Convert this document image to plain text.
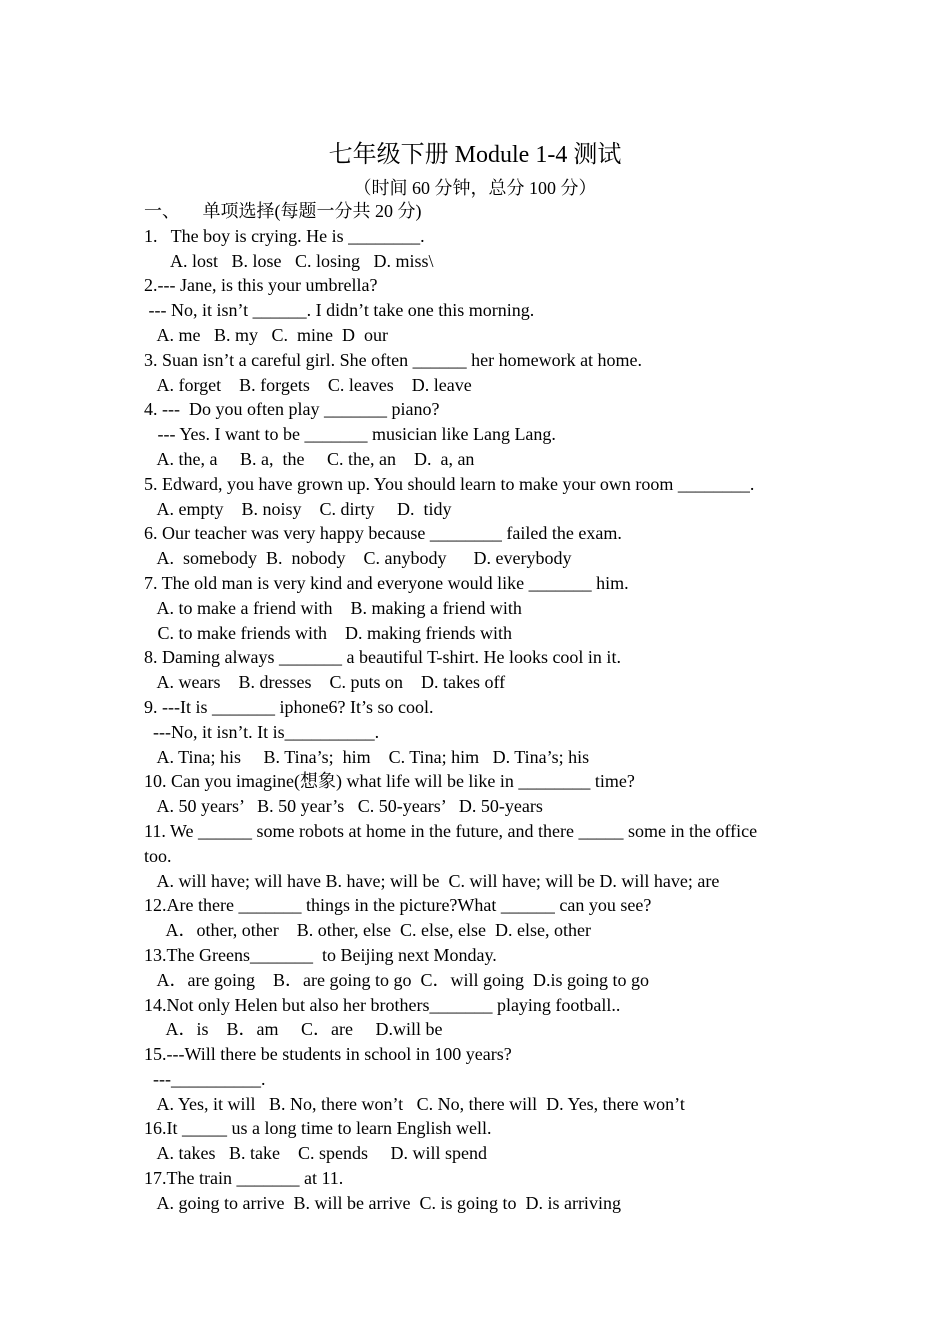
七年级下册 Module 1-4 测试
（时间 60 分钟，总分 100 分）
一、     单项选择(每题一分共 20 分)
1.   The boy is crying. He is ________.
A. lost   B. lose   C. losing   D. miss\
2.--- Jane, is this your umbrella?
--- No, it isn’t ______. I didn’t take one this morning.
A. me   B. my   C.  mine  D  our
3. Suan isn’t a careful girl. She often ______ her homework at home.
A. forget    B. forgets    C. leaves    D. leave
4. ---  Do you often play _______ piano?
--- Yes. I want to be _______ musician like Lang Lang.
A. the, a     B. a,  the     C. the, an    D.  a, an
5. Edward, you have grown up. You should learn to make your own room ________.
A. empty    B. noisy    C. dirty     D.  tidy
6. Our teacher was very happy because ________ failed the exam.
A.  somebody  B.  nobody    C. anybody      D. everybody
7. The old man is very kind and everyone would like _______ him.
A. to make a friend with    B. making a friend with
C. to make friends with    D. making friends with
8. Daming always _______ a beautiful T-shirt. He looks cool in it.
A. wears    B. dresses    C. puts on    D. takes off
9. ---It is _______ iphone6? It’s so cool.
---No, it isn’t. It is__________.
A. Tina; his     B. Tina’s;  him    C. Tina; him   D. Tina’s; his
10. Can you imagine(想象) what life will be like in ________ time?
A. 50 years’   B. 50 year’s   C. 50-years’   D. 50-years
11. We ______ some robots at home in the future, and there _____ some in the office
too.
A. will have; will have B. have; will be  C. will have; will be D. will have; are
12.Are there _______ things in the picture?What ______ can you see?
A．other, other    B. other, else  C. else, else  D. else, other
13.The Greens_______  to Beijing next Monday.
A．are going    B．are going to go  C．will going  D.is going to go
14.Not only Helen but also her brothers_______ playing football..
A．is    B．am     C．are     D.will be
15.---Will there be students in school in 100 years?
---__________.
A. Yes, it will   B. No, there won’t   C. No, there will  D. Yes, there won’t
16.It _____ us a long time to learn English well.
A. takes   B. take    C. spends     D. will spend
17.The train _______ at 11.
A. going to arrive  B. will be arrive  C. is going to  D. is arriving
